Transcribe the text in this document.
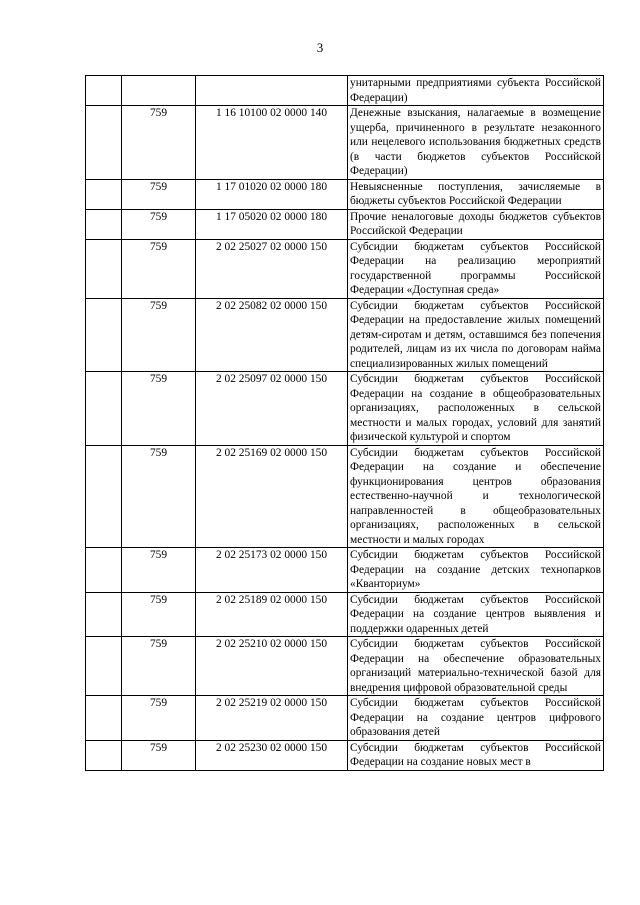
3
			унитарными предприятиями субъекта Российской Федерации)
	759	1 16 10100 02 0000 140	Денежные взыскания, налагаемые в возмещение ущерба, причиненного в результате незаконного или нецелевого использования бюджетных средств (в части бюджетов субъектов Российской Федерации)
	759	1 17 01020 02 0000 180	Невыясненные поступления, зачисляемые в бюджеты субъектов Российской Федерации
	759	1 17 05020 02 0000 180	Прочие неналоговые доходы бюджетов субъектов Российской Федерации
	759	2 02 25027 02 0000 150	Субсидии бюджетам субъектов Российской Федерации на реализацию мероприятий государственной программы Российской Федерации «Доступная среда»
	759	2 02 25082 02 0000 150	Субсидии бюджетам субъектов Российской Федерации на предоставление жилых помещений детям-сиротам и детям, оставшимся без попечения родителей, лицам из их числа по договорам найма специализированных жилых помещений
	759	2 02 25097 02 0000 150	Субсидии бюджетам субъектов Российской Федерации на создание в общеобразовательных организациях, расположенных в сельской местности и малых городах, условий для занятий физической культурой и спортом
	759	2 02 25169 02 0000 150	Субсидии бюджетам субъектов Российской Федерации на создание и обеспечение функционирования центров образования естественно-научной и технологической направленностей в общеобразовательных организациях, расположенных в сельской местности и малых городах
	759	2 02 25173 02 0000 150	Субсидии бюджетам субъектов Российской Федерации на создание детских технопарков «Кванториум»
	759	2 02 25189 02 0000 150	Субсидии бюджетам субъектов Российской Федерации на создание центров выявления и поддержки одаренных детей
	759	2 02 25210 02 0000 150	Субсидии бюджетам субъектов Российской Федерации на обеспечение образовательных организаций материально-технической базой для внедрения цифровой образовательной среды
	759	2 02 25219 02 0000 150	Субсидии бюджетам субъектов Российской Федерации на создание центров цифрового образования детей
	759	2 02 25230 02 0000 150	Субсидии бюджетам субъектов Российской Федерации на создание новых мест в
